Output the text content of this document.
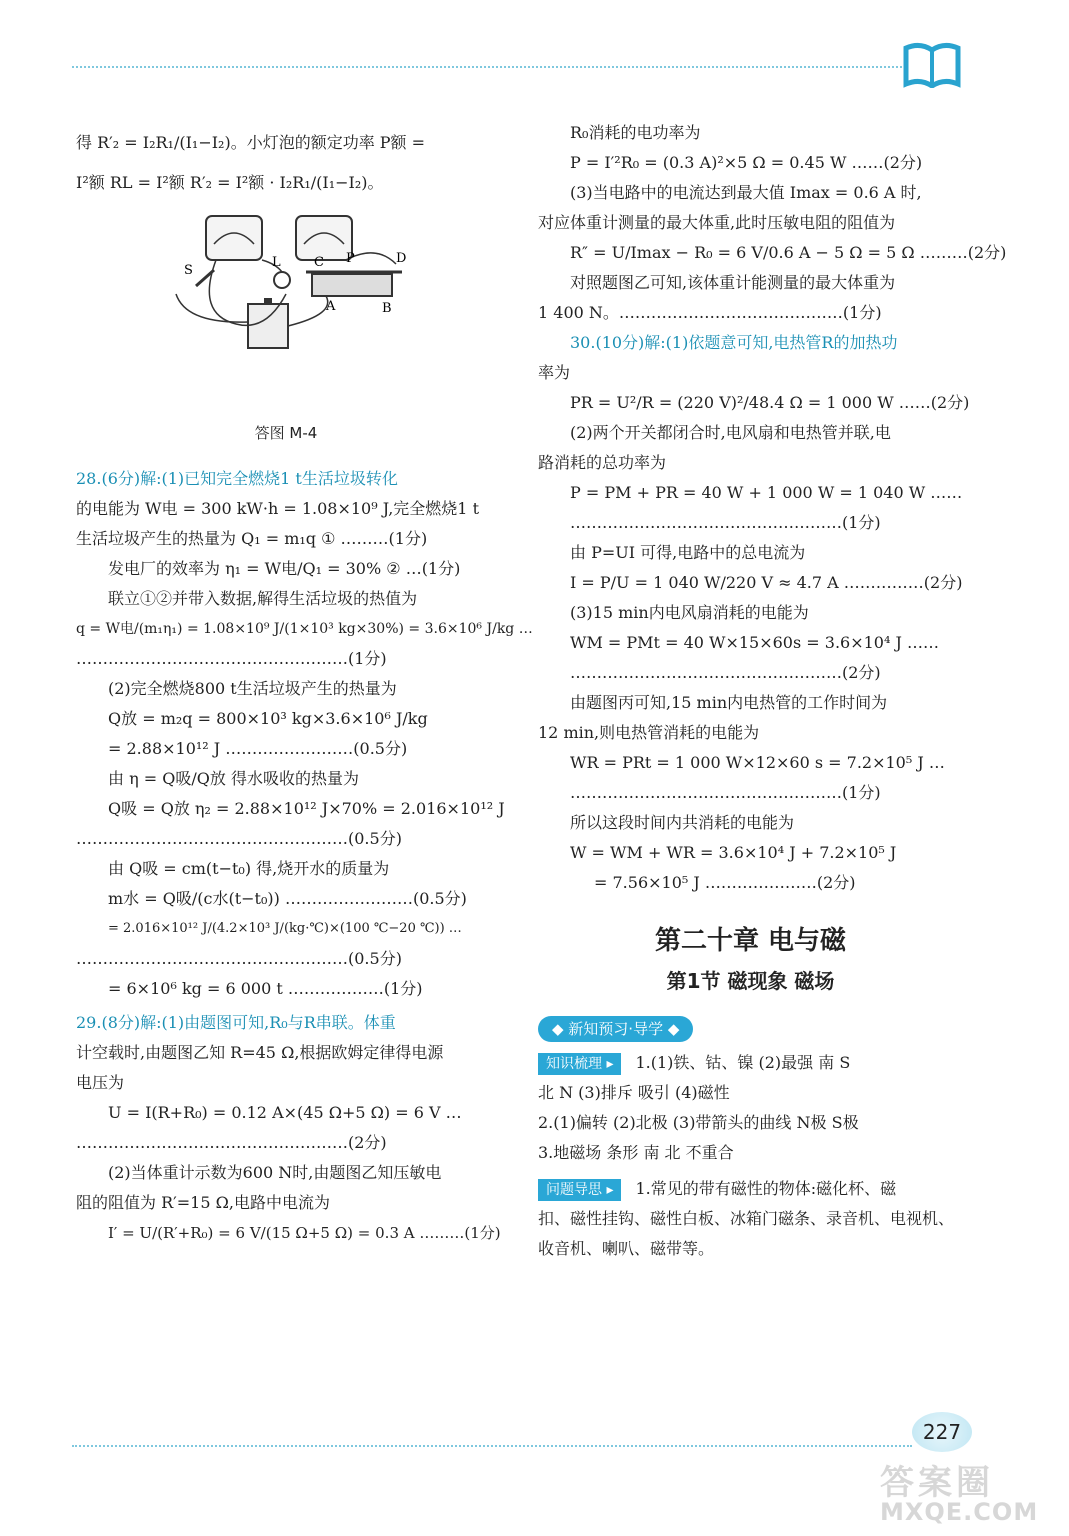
得 R′₂ = I₂R₁/(I₁−I₂)。小灯泡的额定功率 P额 =
I²额 RL = I²额 R′₂ = I²额 · I₂R₁/(I₁−I₂)。
S
L	C P	D
A	B
答图 M-4
28.(6分)解:(1)已知完全燃烧1 t生活垃圾转化
的电能为 W电 = 300 kW·h = 1.08×10⁹ J,完全燃烧1 t
生活垃圾产生的热量为 Q₁ = m₁q ① ………(1分)
发电厂的效率为 η₁ = W电/Q₁ = 30% ② …(1分)
联立①②并带入数据,解得生活垃圾的热值为
q = W电/(m₁η₁) = 1.08×10⁹ J/(1×10³ kg×30%) = 3.6×10⁶ J/kg …
……………………………………………(1分)
(2)完全燃烧800 t生活垃圾产生的热量为
Q放 = m₂q = 800×10³ kg×3.6×10⁶ J/kg
= 2.88×10¹² J ……………………(0.5分)
由 η = Q吸/Q放 得水吸收的热量为
Q吸 = Q放 η₂ = 2.88×10¹² J×70% = 2.016×10¹² J
……………………………………………(0.5分)
由 Q吸 = cm(t−t₀) 得,烧开水的质量为
m水 = Q吸/(c水(t−t₀)) ……………………(0.5分)
= 2.016×10¹² J/(4.2×10³ J/(kg·℃)×(100 ℃−20 ℃)) …
……………………………………………(0.5分)
= 6×10⁶ kg = 6 000 t ………………(1分)
29.(8分)解:(1)由题图可知,R₀与R串联。体重
计空载时,由题图乙知 R=45 Ω,根据欧姆定律得电源
电压为
U = I(R+R₀) = 0.12 A×(45 Ω+5 Ω) = 6 V …
……………………………………………(2分)
(2)当体重计示数为600 N时,由题图乙知压敏电
阻的阻值为 R′=15 Ω,电路中电流为
I′ = U/(R′+R₀) = 6 V/(15 Ω+5 Ω) = 0.3 A ………(1分)
R₀消耗的电功率为
P = I′²R₀ = (0.3 A)²×5 Ω = 0.45 W ……(2分)
(3)当电路中的电流达到最大值 Imax = 0.6 A 时,
对应体重计测量的最大体重,此时压敏电阻的阻值为
R″ = U/Imax − R₀ = 6 V/0.6 A − 5 Ω = 5 Ω ………(2分)
对照题图乙可知,该体重计能测量的最大体重为
1 400 N。……………………………………(1分)
30.(10分)解:(1)依题意可知,电热管R的加热功
率为
PR = U²/R = (220 V)²/48.4 Ω = 1 000 W ……(2分)
(2)两个开关都闭合时,电风扇和电热管并联,电
路消耗的总功率为
P = PM + PR = 40 W + 1 000 W = 1 040 W ……
……………………………………………(1分)
由 P=UI 可得,电路中的总电流为
I = P/U = 1 040 W/220 V ≈ 4.7 A ……………(2分)
(3)15 min内电风扇消耗的电能为
WM = PMt = 40 W×15×60s = 3.6×10⁴ J ……
……………………………………………(2分)
由题图丙可知,15 min内电热管的工作时间为
12 min,则电热管消耗的电能为
WR = PRt = 1 000 W×12×60 s = 7.2×10⁵ J …
……………………………………………(1分)
所以这段时间内共消耗的电能为
W = WM + WR = 3.6×10⁴ J + 7.2×10⁵ J
= 7.56×10⁵ J …………………(2分)
第二十章 电与磁
第1节 磁现象 磁场
◆ 新知预习·导学 ◆
知识梳理 ▸ 1.(1)铁、钴、镍 (2)最强 南 S
北 N (3)排斥 吸引 (4)磁性
2.(1)偏转 (2)北极 (3)带箭头的曲线 N极 S极
3.地磁场 条形 南 北 不重合
问题导思 ▸ 1.常见的带有磁性的物体:磁化杯、磁
扣、磁性挂钩、磁性白板、冰箱门磁条、录音机、电视机、
收音机、喇叭、磁带等。
227
答案圈
MXQE.COM
